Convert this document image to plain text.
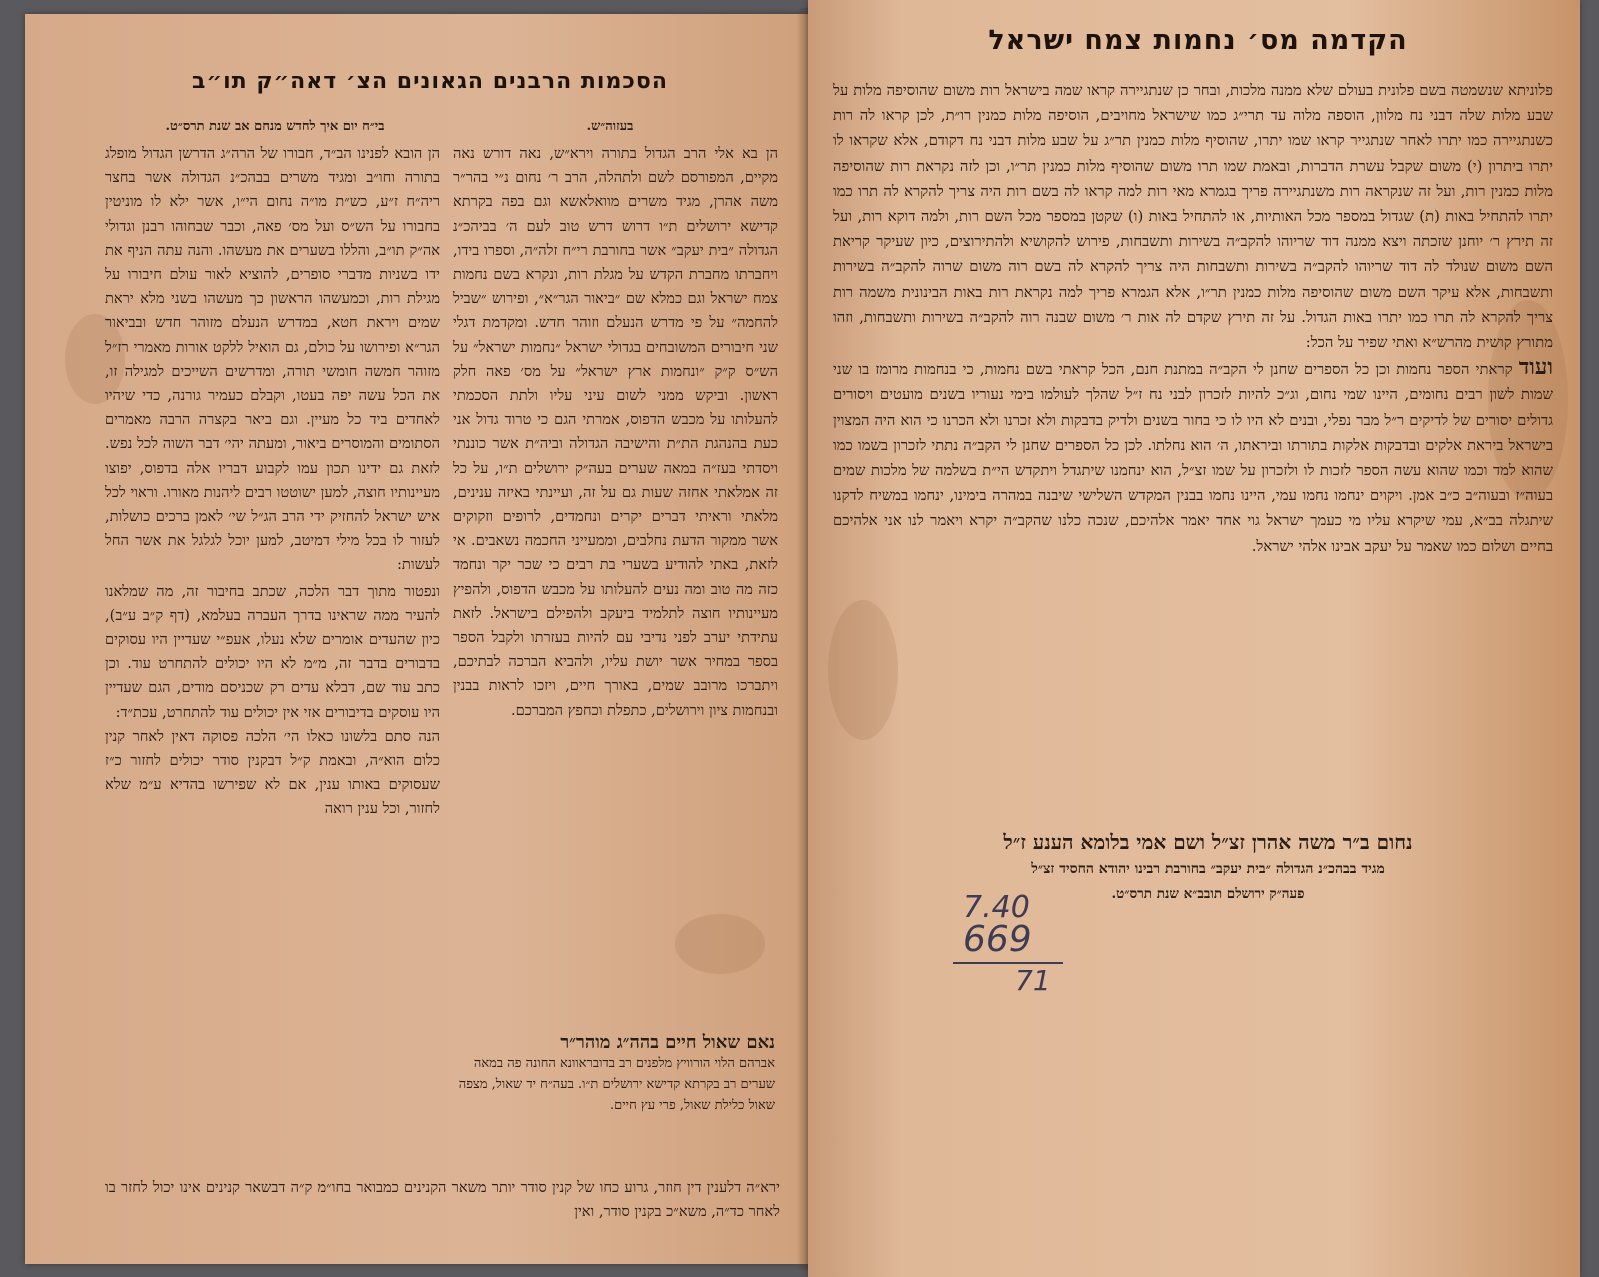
הסכמות הרבנים הגאונים הצ׳ דאה״ק תו״ב
בעזוה״ש.
בי״ח יום איך לחדש מנחם אב שנת תרס״ט.

הן בא אלי הרב הגדול בתורה וירא״ש, נאה דורש נאה מקיים, המפורסם לשם ולתהלה, הרב ר׳ נחום נ״י בהר״ר משה אהרן, מגיד משרים מוואלאשא וגם בפה בקרתא קדישא ירושלים ת״ו דרוש דרש טוב לעם ה׳ בביהכ״נ הגדולה ״בית יעקב״ אשר בחורבת רי״ח זלה״ה, וספרו בידו, ויחברתו מחברת הקדש על מגלת רות, ונקרא בשם נחמות צמח ישראל וגם כמלא שם ״ביאור הגר״א״, ופירוש ״שביל להחמה״ על פי מדרש הנעלם וזוהר חדש. ומקדמת דגלי שני חיבורים המשובחים בגדולי ישראל ״נחמות ישראל״ על הש״ס ק״ק ״ונחמות ארץ ישראל״ על מס׳ פאה חלק ראשון. וביקש ממני לשום עיני עליו ולתת הסכמתי להעלותו על מכבש הדפוס, אמרתי הגם כי טרוד גדול אני כעת בהנהגת הת״ת והישיבה הגדולה וביה״ת אשר כוננתי ויסדתי בעז״ה במאה שערים בעה״ק ירושלים ת״ו, על כל זה אמלאתי אחזה שעות גם על זה, ועיינתי באיזה ענינים, מלאתי וראיתי דברים יקרים ונחמדים, לרופים וזקוקים אשר ממקור הדעת נחלבים, וממעייני החכמה נשאבים. אי לזאת, באתי להודיע בשערי בת רבים כי שכר יקר ונחמד כזה מה טוב ומה נעים להעלותו על מכבש הדפוס, ולהפיץ מעיינותיו חוצה לתלמיד ביעקב ולהפילם בישראל. לזאת עתידתי יערב לפני נדיבי עם להיות בעזרתו ולקבל הספר בספר במחיר אשר יושת עליו, ולהביא הברכה לבתיכם, ויתברכו מרובב שמים, באורך חיים, ויזכו לראות בבנין ובנחמות ציון וירושלים, כתפלת וכחפץ המברכם.

נאם שאול חיים בהה״ג מוהר״ר
אברהם הלוי הורוויץ מלפנים רב בדובראוונא החונה פה במאה שערים רב בקרתא קדישא ירושלים ת״ו. בעה״ח יד שאול, מצפה שאול כלילת שאול, פרי עץ חיים.

הן הובא לפנינו הב״ד, חבורו של הרה״ג הדרשן הגדול מופלג בתורה וחו״ב ומגיד משרים בבהכ״נ הגדולה אשר בחצר ריה״ח ז״ע, כש״ת מו״ה נחום הי״ו, אשר ילא לו מוניטין בחבורו על הש״ס ועל מס׳ פאה, וכבר שבחוהו רבנן וגדולי אה״ק תו״ב, והללו בשערים את מעשהו. והנה עתה הניף את ידו בשניות מדברי סופרים, להוציא לאור עולם חיבורו על מגילת רות, וכמעשהו הראשון כך מעשהו בשני מלא יראת שמים ויראת חטא, במדרש הנעלם מזוהר חדש ובביאור הגר״א ופירושו על כולם, גם הואיל ללקט אורות מאמרי רז״ל מזוהר חמשה חומשי תורה, ומדרשים השייכים למגילה זו, את הכל עשה יפה בעטו, וקבלם כעמיר גורנה, כדי שיהיו לאחדים ביד כל מעיין. וגם ביאר בקצרה הרבה מאמרים הסתומים והמוסרים ביאור, ומעתה יהי׳ דבר השוה לכל נפש. לזאת גם ידינו תכון עמו לקבוע דבריו אלה בדפוס, יפוצו מעיינותיו חוצה, למען ישוטטו רבים ליהנות מאורו. וראוי לכל איש ישראל להחזיק ידי הרב הג״ל שי׳ לאמן ברכים כושלות, לעזור לו בכל מילי דמיטב, למען יוכל לגלגל את אשר החל לעשות:

ונפטור מתוך דבר הלכה, שכתב בחיבור זה, מה שמלאנו להעיר ממה שראינו בדרך העברה בעלמא, (דף ק״ב ע״ב), כיון שהעדים אומרים שלא נעלו, אעפ״י שעדיין היו עסוקים בדבורים בדבר זה, מ״מ לא היו יכולים להתחרט עוד. וכן כתב עוד שם, דבלא עדים רק שכניסם מודים, הגם שעדיין היו עוסקים בדיבורים אזי אין יכולים עוד להתחרט, עכת״ד:

הנה סתם בלשונו כאלו הי׳ הלכה פסוקה דאין לאחר קנין כלום הוא״ה, ובאמת ק״ל דבקנין סודר יכולים לחזור כ״ז שעסוקים באותו ענין, אם לא שפירשו בהדיא ע״מ שלא לחזור, וכל ענין רואה

ירא״ה דלענין דין חוזר, גרוע כחו של קנין סודר יותר משאר הקנינים כמבואר בחו״מ ק״ה דבשאר קנינים אינו יכול לחזר בו לאחר כד״ה, משא״כ בקנין סודר, ואין
הקדמה מס׳ נחמות צמח ישראל

פלוניתא שנשמטה בשם פלונית בעולם שלא ממנה מלכות, ובחר כן שנתגיירה קראו שמה בישראל רות משום שהוסיפה מלות על שבע מלות שלה דבני נח מלוון, הוספה מלוה עד תרי״ג כמו שישראל מחויבים, הוסיפה מלות כמנין רו״ת, לכן קראו לה רות כשנתגיירה כמו יתרו לאחר שנתגייר קראו שמו יתרו, שהוסיף מלות כמנין תר״ג על שבע מלות דבני נח דקודם, אלא שקראו לו יתרו ביתרון (י) משום שקבל עשרת הדברות, ובאמת שמו תרו משום שהוסיף מלות כמנין תר״ו, וכן לזה נקראת רות שהוסיפה מלות כמנין רות, ועל זה שנקראה רות משנתגיירה פריך בגמרא מאי רות למה קראו לה בשם רות היה צריך להקרא לה תרו כמו יתרו להתחיל באות (ת) שגדול במספר מכל האותיות, או להתחיל באות (ו) שקטן במספר מכל השם רות, ולמה דוקא רות, ועל זה תירץ ר׳ יוחנן שזכתה ויצא ממנה דוד שריוהו להקב״ה בשירות ותשבחות, פירוש להקושיא ולהתירוצים, כיון שעיקר קריאת השם משום שנולד לה דוד שריוהו להקב״ה בשירות ותשבחות היה צריך להקרא לה בשם רוה משום שרוה להקב״ה בשירות ותשבחות, אלא עיקר השם משום שהוסיפה מלות כמנין תר״ו, אלא הגמרא פריך למה נקראת רות באות הבינונית משמה רות צריך להקרא לה תרו כמו יתרו באות הגדול. על זה תירץ שקדם לה אות ר׳ משום שבנה רוה להקב״ה בשירות ותשבחות, וזהו מתורץ קושית מהרש״א ואתי שפיר על הכל:

ועוד קראתי הספר נחמות וכן כל הספרים שחנן לי הקב״ה במתנת חנם, הכל קראתי בשם נחמות, כי בנחמות מרומז בו שני שמות לשון רבים נחומים, היינו שמי נחום, וג״כ להיות לזכרון לבני נח ז״ל שהלך לעולמו בימי נעוריו בשנים מועטים ויסורים גדולים יסורים של לדיקים ר״ל מבר נפלי, ובנים לא היו לו כי בחור בשנים ולדיק בדבקות ולא זכרנו ולא הכרנו כי הוא היה המצוין בישראל ביראת אלקים ובדבקות אלקות בתורתו וביראתו, ה׳ הוא נחלתו. לכן כל הספרים שחנן לי הקב״ה נתתי לזכרון בשמו כמו שהוא למד וכמו שהוא עשה הספר לזכות לו ולזכרון על שמו זצ״ל, הוא ינחמנו שיתגדל ויתקדש הי״ת בשלמה של מלכות שמים בעוה״ז ובעוה״ב כ״ב אמן. ויקוים ינחמו נחמו עמי, היינו נחמו בבנין המקדש השלישי שיבנה במהרה בימינו, ינחמו במשיח לדקנו שיתגלה בב״א, עמי שיקרא עליו מי כעמך ישראל גוי אחד יאמר אלהיכם, שנכה כלנו שהקב״ה יקרא ויאמר לנו אני אלהיכם בחיים ושלום כמו שאמר על יעקב אבינו אלהי ישראל.

נחום ב״ר משה אהרן זצ״ל ושם אמי בלומא הענע ז״ל
מגיד בבהכ״נ הגדולה ״בית יעקב״ בחורבת רבינו יהודא החסיד זצ״ל
פעה״ק ירושלם תובב״א שנת תרס״ט.
7.40
669
71
